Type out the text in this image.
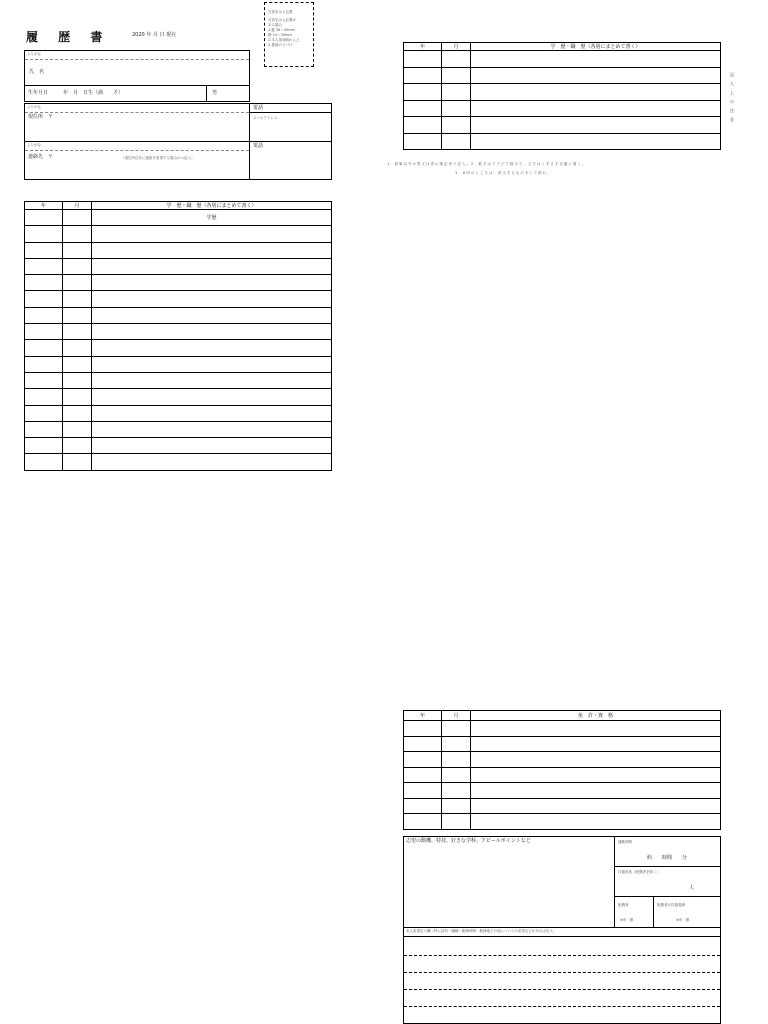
履 歴 書	2020 年 月 日 現在
写真をはる位置
写真をはる必要が
ある場合
1.縦 36～40mm
横 24～30mm
2.本人単身胸から上
3.裏面のりづけ
ふりがな
氏　名
生年月日　　　年　月　日生（満　　才）	男
ふりがな
現住所　〒
電話
メールアドレス
ふりがな
連絡先　〒	（現住所以外に連絡を希望する場合のみ記入）
電話
年	月	学　歴・職　歴（各別にまとめて書く）
		学歴

年	月	学　歴・職　歴（各別にまとめて書く）

記入上の注意
1. 鉛筆以外の黒又は青の筆記具で記入。2. 数字はアラビア数字で、文字はくずさず正確に書く。
3. ※印のところは、該当するものを○で囲む。
年	月	免　許・資　格

志望の動機、特技、好きな学科、アピールポイントなど	通勤時間
約　　時間　　分
扶養家族（配偶者を除く）
人
配偶者
※有・無
配偶者の扶養義務
※有・無
本人希望記入欄（特に給料・職種・勤務時間・勤務地その他についての希望などがあれば記入）
